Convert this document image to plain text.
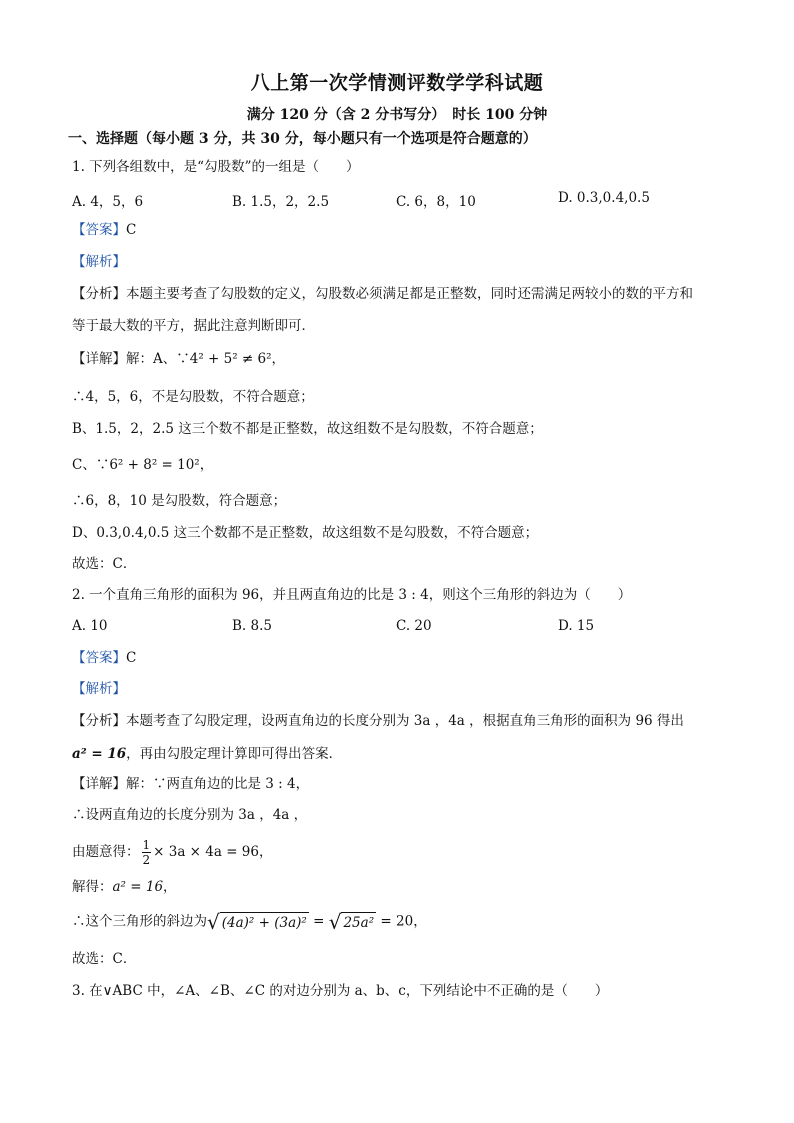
八上第一次学情测评数学学科试题
满分 120 分（含 2 分书写分）　时长 100 分钟
一、选择题（每小题 3 分，共 30 分，每小题只有一个选项是符合题意的）
1. 下列各组数中，是“勾股数”的一组是（　　）
A. 4，5，6	B. 1.5，2，2.5	C. 6，8，10	D. 0.3,0.4,0.5
【答案】C
【解析】
【分析】本题主要考查了勾股数的定义，勾股数必须满足都是正整数，同时还需满足两较小的数的平方和
等于最大数的平方，据此注意判断即可．
【详解】解：A、∵4² + 5² ≠ 6²，
∴4，5，6，不是勾股数，不符合题意；
B、1.5，2，2.5 这三个数不都是正整数，故这组数不是勾股数，不符合题意；
C、∵6² + 8² = 10²，
∴6，8，10 是勾股数，符合题意；
D、0.3,0.4,0.5 这三个数都不是正整数，故这组数不是勾股数，不符合题意；
故选：C．
2. 一个直角三角形的面积为 96，并且两直角边的比是 3 : 4，则这个三角形的斜边为（　　）
A. 10	B. 8.5	C. 20	D. 15
【答案】C
【解析】
【分析】本题考查了勾股定理，设两直角边的长度分别为 3a ，4a ，根据直角三角形的面积为 96 得出
a² = 16，再由勾股定理计算即可得出答案．
【详解】解：∵两直角边的比是 3 : 4，
∴设两直角边的长度分别为 3a ，4a ，
由题意得： $\frac{1}{2} \times 3a \times 4a = 96$，
解得：a² = 16，
∴这个三角形的斜边为√ (4a)² + (3a)² = √ 25a² = 20，
故选：C．
3. 在∨ABC 中，∠A、∠B、∠C 的对边分别为 a、b、c，下列结论中不正确的是（　　）
